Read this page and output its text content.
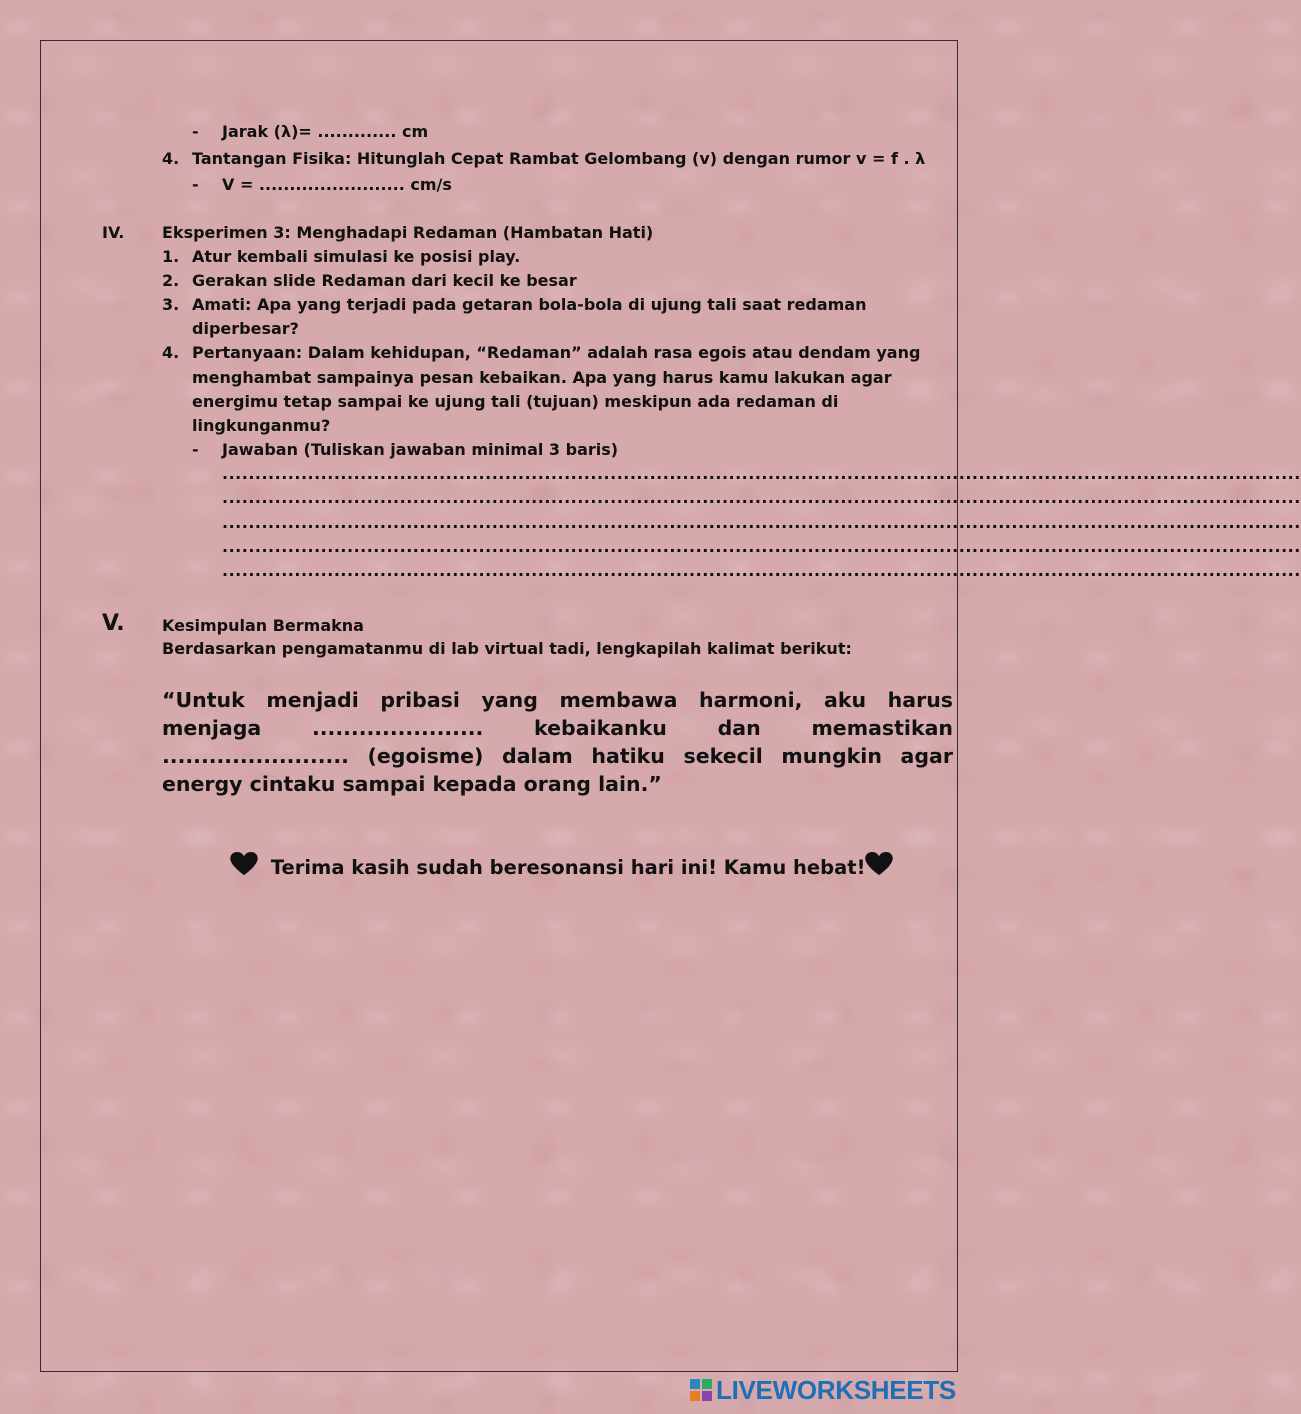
- Jarak (λ)= ............. cm
4. Tantangan Fisika: Hitunglah Cepat Rambat Gelombang (v) dengan rumor v = f . λ
- V = ........................ cm/s
IV. Eksperimen 3: Menghadapi Redaman (Hambatan Hati)
1. Atur kembali simulasi ke posisi play.
2. Gerakan slide Redaman dari kecil ke besar
3. Amati: Apa yang terjadi pada getaran bola-bola di ujung tali saat redaman
diperbesar?
4. Pertanyaan: Dalam kehidupan, “Redaman” adalah rasa egois atau dendam yang
menghambat sampainya pesan kebaikan. Apa yang harus kamu lakukan agar
energimu tetap sampai ke ujung tali (tujuan) meskipun ada redaman di
lingkunganmu?
- Jawaban (Tuliskan jawaban minimal 3 baris)
....................................................................................................................................................................
....................................................................................................................................................................
....................................................................................................................................................................
....................................................................................................................................................................
....................................................................................................................................................................
V. Kesimpulan Bermakna
Berdasarkan pengamatanmu di lab virtual tadi, lengkapilah kalimat berikut:
“Untuk menjadi pribasi yang membawa harmoni, aku harus menjaga ...................... kebaikanku dan memastikan ........................ (egoisme) dalam hatiku sekecil mungkin agar energy cintaku sampai kepada orang lain.”
Terima kasih sudah beresonansi hari ini! Kamu hebat!
LIVEWORKSHEETS
